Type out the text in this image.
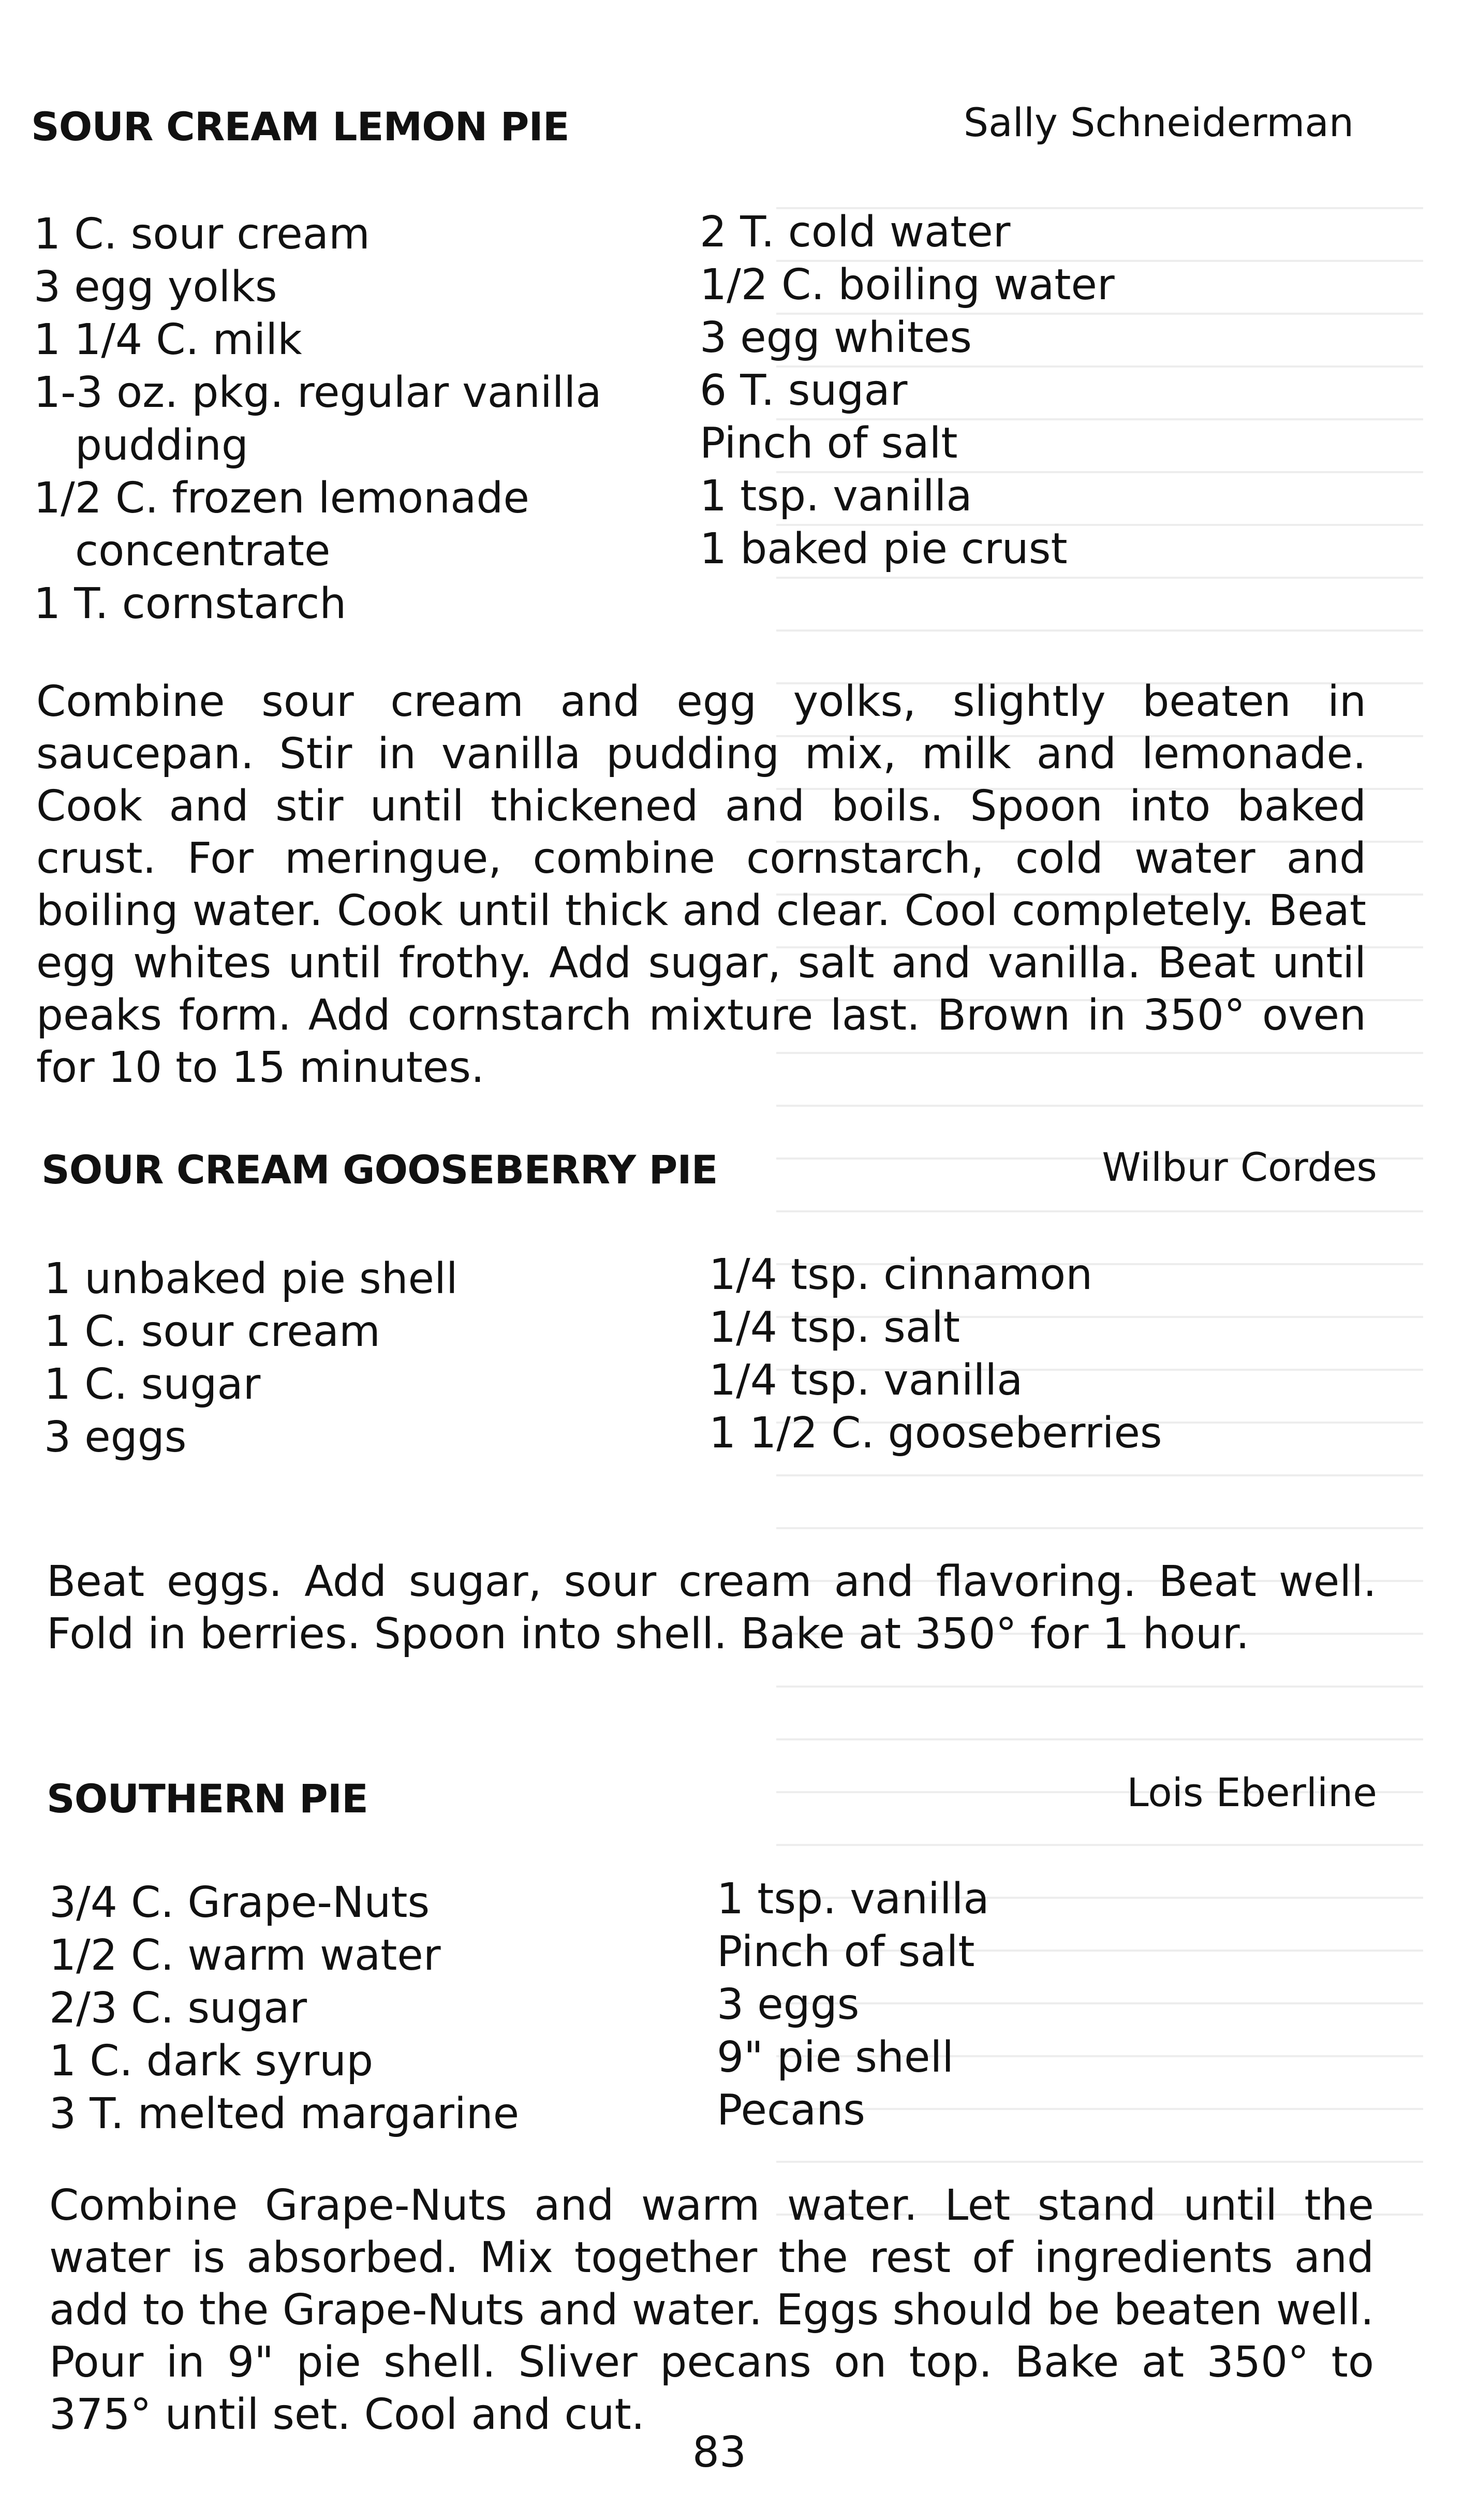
SOUR CREAM LEMON PIE	Sally Schneiderman

1 C. sour cream

3 egg yolks

1 1/4 C. milk

1-3 oz. pkg. regular vanilla

pudding

1/2 C. frozen lemonade

concentrate

1 T. cornstarch

2 T. cold water

1/2 C. boiling water

3 egg whites

6 T. sugar

Pinch of salt

1 tsp. vanilla

1 baked pie crust

Combine sour cream and egg yolks, slightly beaten in saucepan. Stir in vanilla pudding mix, milk and lemonade. Cook and stir until thickened and boils. Spoon into baked crust. For meringue, combine cornstarch, cold water and boiling water. Cook until thick and clear. Cool completely. Beat egg whites until frothy. Add sugar, salt and vanilla. Beat until peaks form. Add cornstarch mixture last. Brown in 350° oven for 10 to 15 minutes.

SOUR CREAM GOOSEBERRY PIE	Wilbur Cordes

1 unbaked pie shell

1 C. sour cream

1 C. sugar

3 eggs

1/4 tsp. cinnamon

1/4 tsp. salt

1/4 tsp. vanilla

1 1/2 C. gooseberries

Beat eggs. Add sugar, sour cream and flavoring. Beat well. Fold in berries. Spoon into shell. Bake at 350° for 1 hour.

SOUTHERN PIE	Lois Eberline

3/4 C. Grape-Nuts

1/2 C. warm water

2/3 C. sugar

1 C. dark syrup

3 T. melted margarine

1 tsp. vanilla

Pinch of salt

3 eggs

9" pie shell

Pecans

Combine Grape-Nuts and warm water. Let stand until the water is absorbed. Mix together the rest of ingredients and add to the Grape-Nuts and water. Eggs should be beaten well. Pour in 9" pie shell. Sliver pecans on top. Bake at 350° to 375° until set. Cool and cut.

83
